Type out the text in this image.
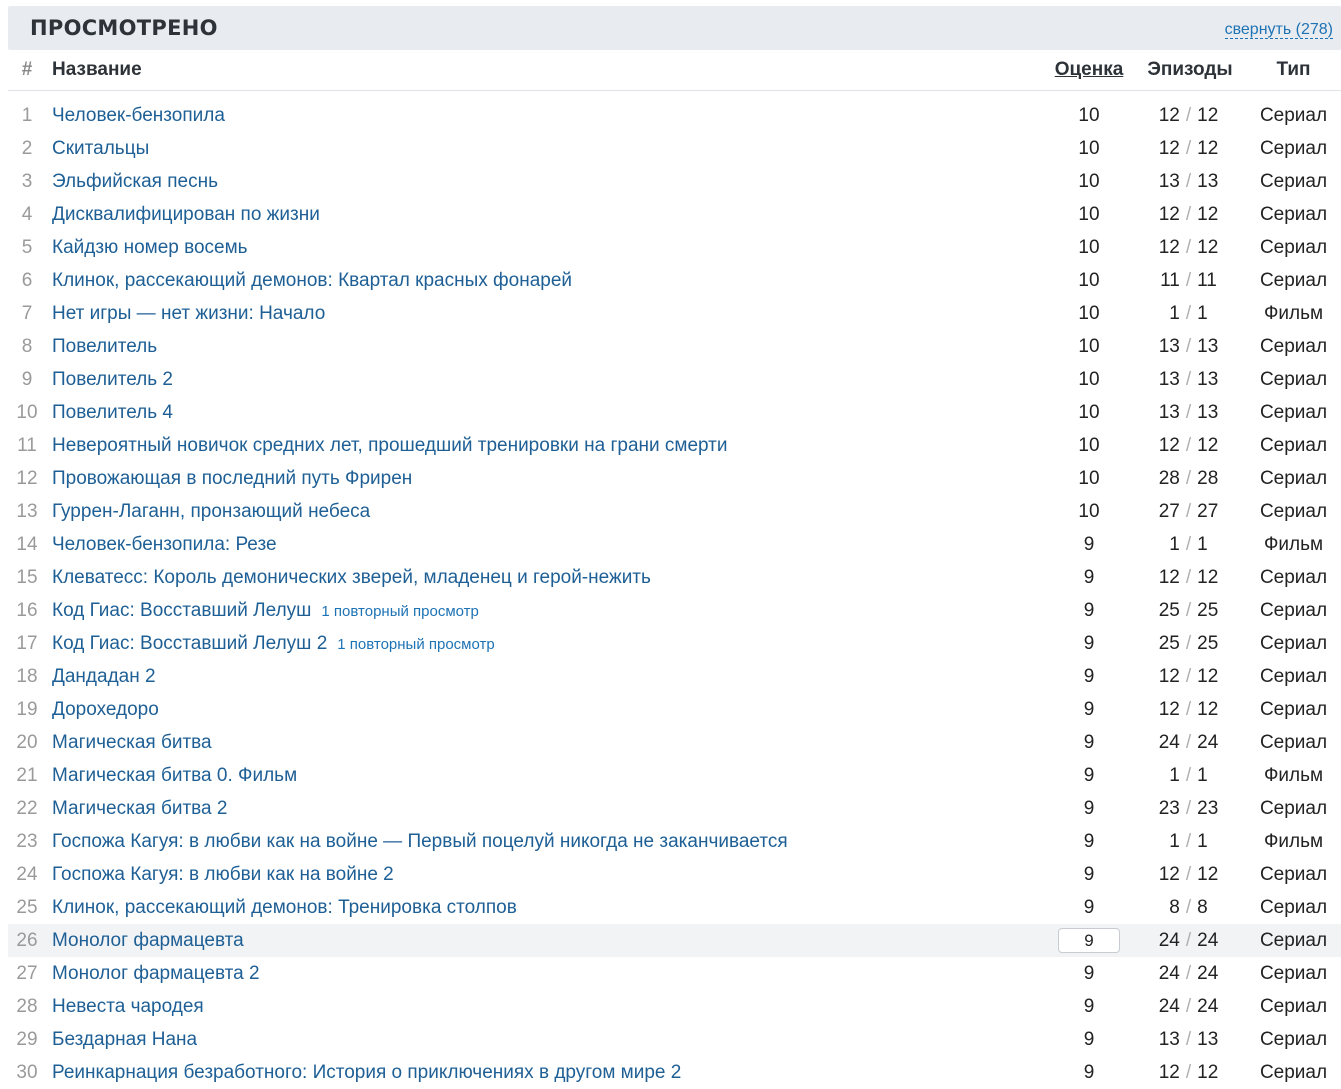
ПРОСМОТРЕНО	свернуть (278)
#	Название	Оценка	Эпизоды	Тип
1	Человек-бензопила	10	12 / 12	Сериал
2	Скитальцы	10	12 / 12	Сериал
3	Эльфийская песнь	10	13 / 13	Сериал
4	Дисквалифицирован по жизни	10	12 / 12	Сериал
5	Кайдзю номер восемь	10	12 / 12	Сериал
6	Клинок, рассекающий демонов: Квартал красных фонарей	10	11 / 11	Сериал
7	Нет игры — нет жизни: Начало	10	1 / 1	Фильм
8	Повелитель	10	13 / 13	Сериал
9	Повелитель 2	10	13 / 13	Сериал
10 Повелитель 4	10	13 / 13	Сериал
11 Невероятный новичок средних лет, прошедший тренировки на грани смерти	10	12 / 12	Сериал
12 Провожающая в последний путь Фрирен	10	28 / 28	Сериал
13 Гуррен-Лаганн, пронзающий небеса	10	27 / 27	Сериал
14 Человек-бензопила: Резе	9	1 / 1	Фильм
15 Клеватесс: Король демонических зверей, младенец и герой-нежить	9	12 / 12	Сериал
16 Код Гиас: Восставший Лелуш 1 повторный просмотр	9	25 / 25	Сериал
17 Код Гиас: Восставший Лелуш 2 1 повторный просмотр	9	25 / 25	Сериал
18 Дандадан 2	9	12 / 12	Сериал
19 Дорохедоро	9	12 / 12	Сериал
20 Магическая битва	9	24 / 24	Сериал
21 Магическая битва 0. Фильм	9	1 / 1	Фильм
22 Магическая битва 2	9	23 / 23	Сериал
23 Госпожа Кагуя: в любви как на войне — Первый поцелуй никогда не заканчивается	9	1 / 1	Фильм
24 Госпожа Кагуя: в любви как на войне 2	9	12 / 12	Сериал
25 Клинок, рассекающий демонов: Тренировка столпов	9	8 / 8	Сериал
26 Монолог фармацевта	9	24 / 24	Сериал
27 Монолог фармацевта 2	9	24 / 24	Сериал
28 Невеста чародея	9	24 / 24	Сериал
29 Бездарная Нана	9	13 / 13	Сериал
30 Реинкарнация безработного: История о приключениях в другом мире 2	9	12 / 12	Сериал
